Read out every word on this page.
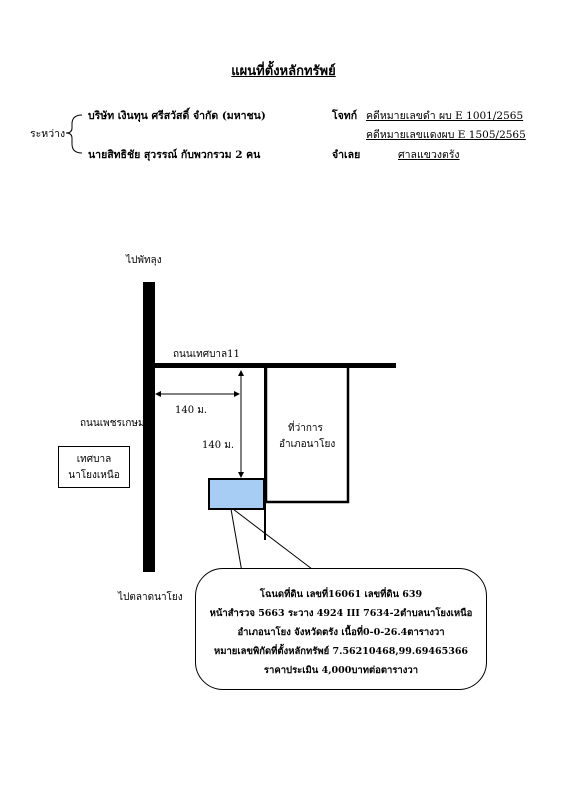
แผนที่ตั้งหลักทรัพย์
ระหว่าง
บริษัท เงินทุน ศรีสวัสดิ์ จำกัด (มหาชน)	โจทก์ คดีหมายเลขดำ ผบ E 1001/2565
คดีหมายเลขแดงผบ E 1505/2565
นายสิทธิชัย สุวรรณ์ กับพวกรวม 2 คน	จำเลย	ศาลแขวงตรัง
ไปพัทลุง
ถนนเทศบาล11
ถนนเพชรเกษม
140 ม.
140 ม.
ที่ว่าการ
อำเภอนาโยง
เทศบาล
นาโยงเหนือ
ไปตลาดนาโยง	โฉนดที่ดิน เลขที่16061 เลขที่ดิน 639
หน้าสำรวจ 5663 ระวาง 4924 III 7634-2ตำบลนาโยงเหนือ
อำเภอนาโยง จังหวัดตรัง เนื้อที่0-0-26.4ตารางวา
หมายเลขพิกัดที่ตั้งหลักทรัพย์ 7.56210468,99.69465366
ราคาประเมิน 4,000บาทต่อตารางวา
